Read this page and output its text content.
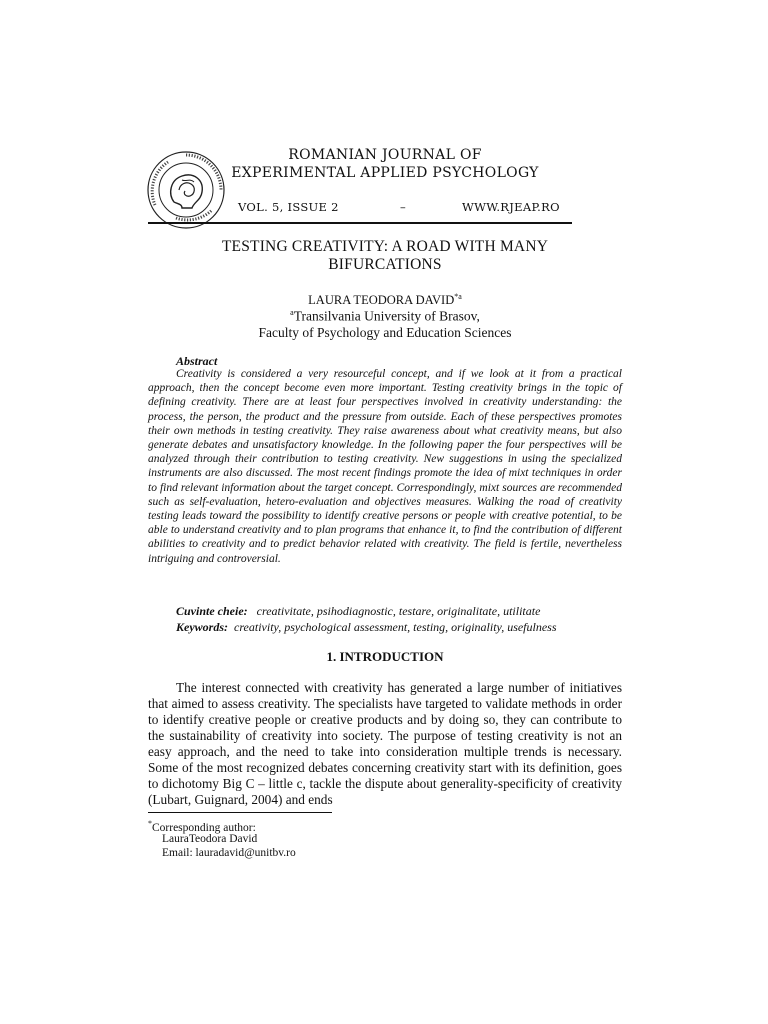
ROMANIAN JOURNAL OF
EXPERIMENTAL APPLIED PSYCHOLOGY
VOL. 5, ISSUE 2	–	WWW.RJEAP.RO
TESTING CREATIVITY: A ROAD WITH MANY
BIFURCATIONS
LAURA TEODORA DAVID$^{*a}$
$^a$Transilvania University of Brasov,
Faculty of Psychology and Education Sciences
Abstract

Creativity is considered a very resourceful concept, and if we look at it from a practical approach, then the concept become even more important. Testing creativity brings in the topic of defining creativity. There are at least four perspectives involved in creativity understanding: the process, the person, the product and the pressure from outside. Each of these perspectives promotes their own methods in testing creativity. They raise awareness about what creativity means, but also generate debates and unsatisfactory knowledge. In the following paper the four perspectives will be analyzed through their contribution to testing creativity. New suggestions in using the specialized instruments are also discussed. The most recent findings promote the idea of mixt techniques in order to find relevant information about the target concept. Correspondingly, mixt sources are recommended such as self-evaluation, hetero-evaluation and objectives measures. Walking the road of creativity testing leads toward the possibility to identify creative persons or people with creative potential, to be able to understand creativity and to plan programs that enhance it, to find the contribution of different abilities to creativity and to predict behavior related with creativity. The field is fertile, nevertheless intriguing and controversial.

Cuvinte cheie: creativitate, psihodiagnostic, testare, originalitate, utilitate
Keywords: creativity, psychological assessment, testing, originality, usefulness
1. INTRODUCTION

The interest connected with creativity has generated a large number of initiatives that aimed to assess creativity. The specialists have targeted to validate methods in order to identify creative people or creative products and by doing so, they can contribute to the sustainability of creativity into society. The purpose of testing creativity is not an easy approach, and the need to take into consideration multiple trends is necessary. Some of the most recognized debates concerning creativity start with its definition, goes to dichotomy Big C – little c, tackle the dispute about generality-specificity of creativity (Lubart, Guignard, 2004) and ends

*Corresponding author:
LauraTeodora David
Email: lauradavid@unitbv.ro
